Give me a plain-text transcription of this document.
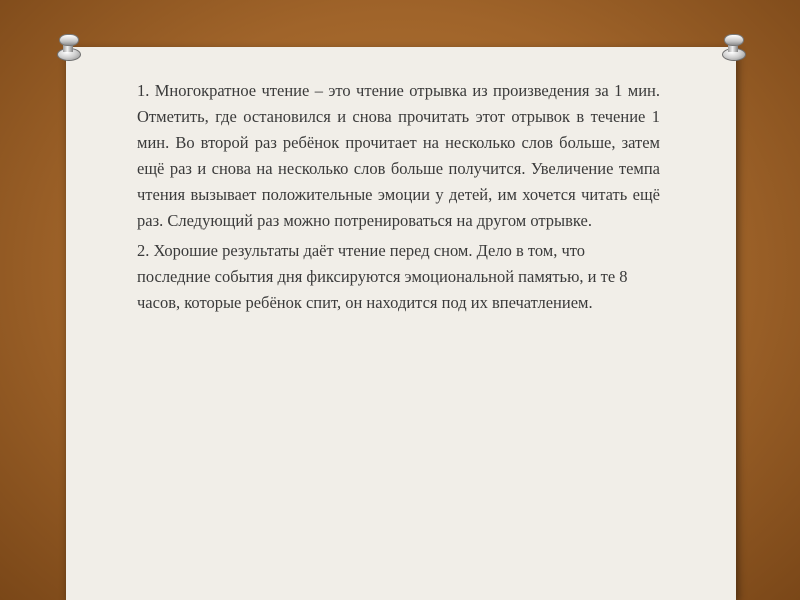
1. Многократное чтение – это чтение отрывка из произведения за 1 мин. Отметить, где остановился и снова прочитать этот отрывок в течение 1 мин. Во второй раз ребёнок прочитает на несколько слов больше, затем ещё раз и снова на несколько слов больше получится. Увеличение темпа чтения вызывает положительные эмоции у детей, им хочется читать ещё раз. Следующий раз можно потренироваться на другом отрывке.

2. Хорошие результаты даёт чтение перед сном. Дело в том, что последние события дня фиксируются эмоциональной памятью, и те 8 часов, которые ребёнок спит, он находится под их впечатлением.
